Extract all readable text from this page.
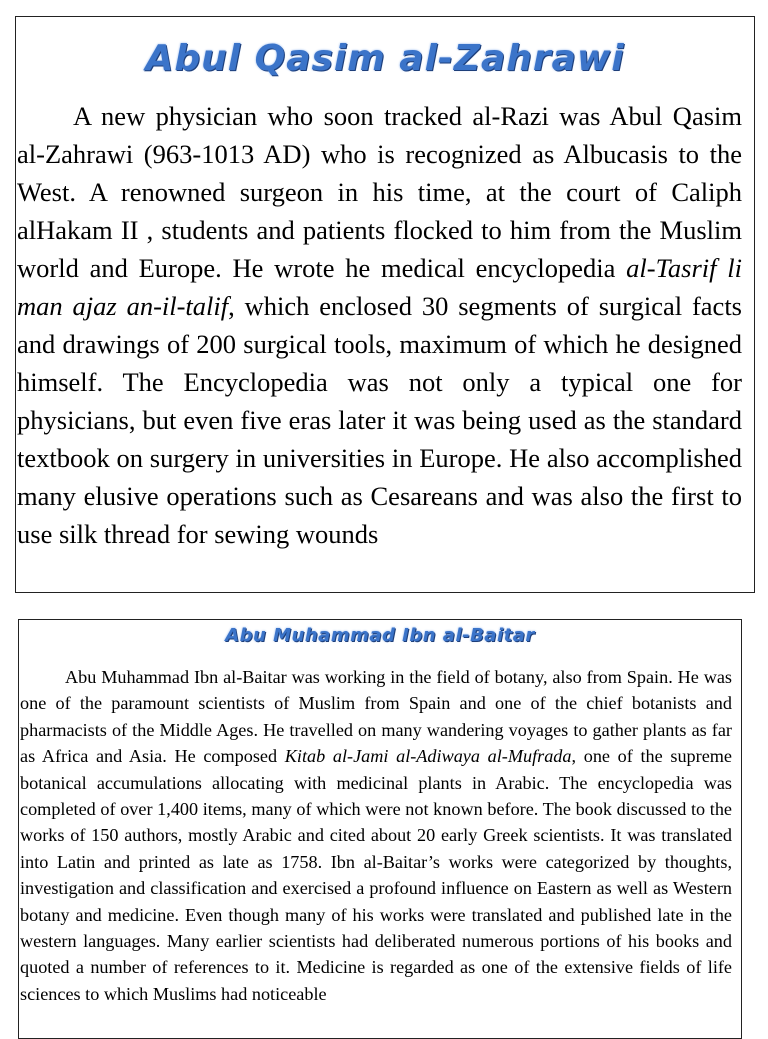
Abul Qasim al-Zahrawi

A new physician who soon tracked al-Razi was Abul Qasim al-Zahrawi (963-1013 AD) who is recognized as Albucasis to the West. A renowned surgeon in his time, at the court of Caliph alHakam II , students and patients flocked to him from the Muslim world and Europe. He wrote he medical encyclopedia al-Tasrif li man ajaz an-il-talif, which enclosed 30 segments of surgical facts and drawings of 200 surgical tools, maximum of which he designed himself. The Encyclopedia was not only a typical one for physicians, but even five eras later it was being used as the standard textbook on surgery in universities in Europe. He also accomplished many elusive operations such as Cesareans and was also the first to use silk thread for sewing wounds

Abu Muhammad Ibn al-Baitar

Abu Muhammad Ibn al-Baitar was working in the field of botany, also from Spain. He was one of the paramount scientists of Muslim from Spain and one of the chief botanists and pharmacists of the Middle Ages. He travelled on many wandering voyages to gather plants as far as Africa and Asia. He composed Kitab al-Jami al-Adiwaya al-Mufrada, one of the supreme botanical accumulations allocating with medicinal plants in Arabic. The encyclopedia was completed of over 1,400 items, many of which were not known before. The book discussed to the works of 150 authors, mostly Arabic and cited about 20 early Greek scientists. It was translated into Latin and printed as late as 1758. Ibn al-Baitar’s works were categorized by thoughts, investigation and classification and exercised a profound influence on Eastern as well as Western botany and medicine. Even though many of his works were translated and published late in the western languages. Many earlier scientists had deliberated numerous portions of his books and quoted a number of references to it. Medicine is regarded as one of the extensive fields of life sciences to which Muslims had noticeable
